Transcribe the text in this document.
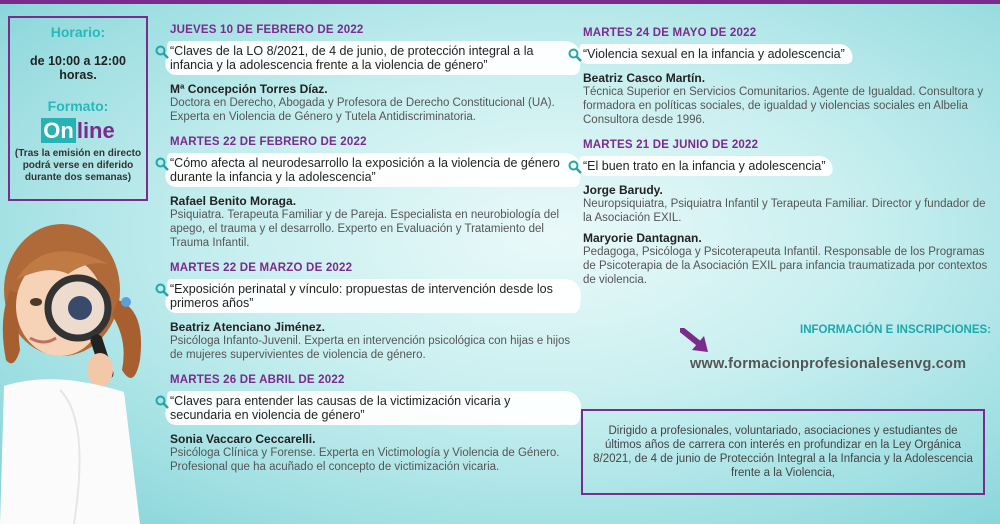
Horario:
de 10:00 a 12:00 horas.
Formato:
On line
(Tras la emisión en directo podrá verse en diferido durante dos semanas)
JUEVES 10 DE FEBRERO DE 2022
“Claves de la LO 8/2021, de 4 de junio, de protección integral a la infancia y la adolescencia frente a la violencia de género”
Mª Concepción Torres Díaz.
Doctora en Derecho, Abogada y Profesora de Derecho Constitucional (UA). Experta en Violencia de Género y Tutela Antidiscriminatoria.
MARTES 22 DE FEBRERO DE 2022
“Cómo afecta al neurodesarrollo la exposición a la violencia de género durante la infancia y la adolescencia”
Rafael Benito Moraga.
Psiquiatra. Terapeuta Familiar y de Pareja. Especialista en neurobiología del apego, el trauma y el desarrollo. Experto en Evaluación y Tratamiento del Trauma Infantil.
MARTES 22 DE MARZO DE 2022
“Exposición perinatal y vínculo: propuestas de intervención desde los primeros años”
Beatriz Atenciano Jiménez.
Psicóloga Infanto-Juvenil. Experta en intervención psicológica con hijas e hijos de mujeres supervivientes de violencia de género.
MARTES 26 DE ABRIL DE 2022
“Claves para entender las causas de la victimización vicaria y secundaria en violencia de género”
Sonia Vaccaro Ceccarelli.
Psicóloga Clínica y Forense. Experta en Victimología y Violencia de Género. Profesional que ha acuñado el concepto de victimización vicaria.
MARTES 24 DE MAYO DE 2022
“Violencia sexual en la infancia y adolescencia”
Beatriz Casco Martín.
Técnica Superior en Servicios Comunitarios. Agente de Igualdad. Consultora y formadora en políticas sociales, de igualdad y violencias sociales en Albelia Consultora desde 1996.
MARTES 21 DE JUNIO DE 2022
“El buen trato en la infancia y adolescencia”
Jorge Barudy.
Neuropsiquiatra, Psiquiatra Infantil y Terapeuta Familiar. Director y fundador de la Asociación EXIL.
Maryorie Dantagnan.
Pedagoga, Psicóloga y Psicoterapeuta Infantil. Responsable de los Programas de Psicoterapia de la Asociación EXIL para infancia traumatizada por contextos de violencia.
INFORMACIÓN E INSCRIPCIONES:
www.formacionprofesionalesenvg.com
Dirigido a profesionales, voluntariado, asociaciones y estudiantes de últimos años de carrera con interés en profundizar en la Ley Orgánica 8/2021, de 4 de junio de Protección Integral a la Infancia y la Adolescencia frente a la Violencia,
